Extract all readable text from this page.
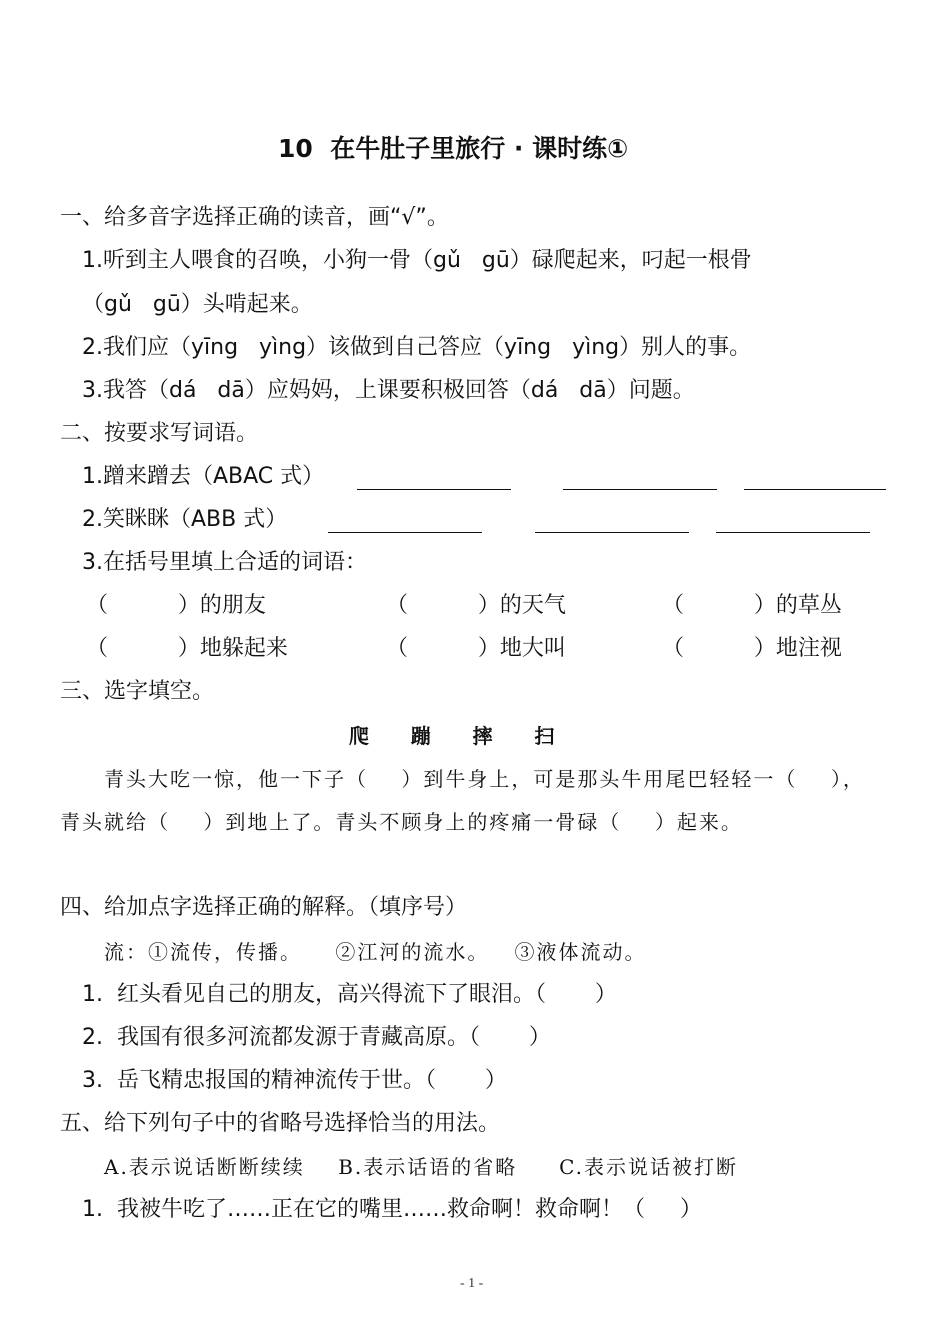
10  在牛肚子里旅行 · 课时练①
一、给多音字选择正确的读音，画“√”。
1.听到主人喂食的召唤，小狗一骨（gǔ   gū）碌爬起来，叼起一根骨
（gǔ   gū）头啃起来。
2.我们应（yīng   yìng）该做到自己答应（yīng   yìng）别人的事。
3.我答（dá   dā）应妈妈，上课要积极回答（dá   dā）问题。
二、按要求写词语。
1.蹭来蹭去（ABAC 式）
2.笑眯眯（ABB 式）
3.在括号里填上合适的词语：
（          ）的朋友	（          ）的天气	（          ）的草丛
（          ）地躲起来	（          ）地大叫	（          ）地注视
三、选字填空。
爬      蹦      摔      扫
青头大吃一惊，他一下子（    ）到牛身上，可是那头牛用尾巴轻轻一（    ），
青头就给（    ）到地上了。青头不顾身上的疼痛一骨碌（    ）起来。
四、给加点字选择正确的解释。（填序号）
流：①流传，传播。    ②江河的流水。   ③液体流动。
1.  红头看见自己的朋友，高兴得流下了眼泪。（       ）
2.  我国有很多河流都发源于青藏高原。（       ）
3.  岳飞精忠报国的精神流传于世。（       ）
五、给下列句子中的省略号选择恰当的用法。
A.表示说话断断续续    B.表示话语的省略     C.表示说话被打断
1.  我被牛吃了……正在它的嘴里……救命啊！救命啊！（     ）
- 1 -
